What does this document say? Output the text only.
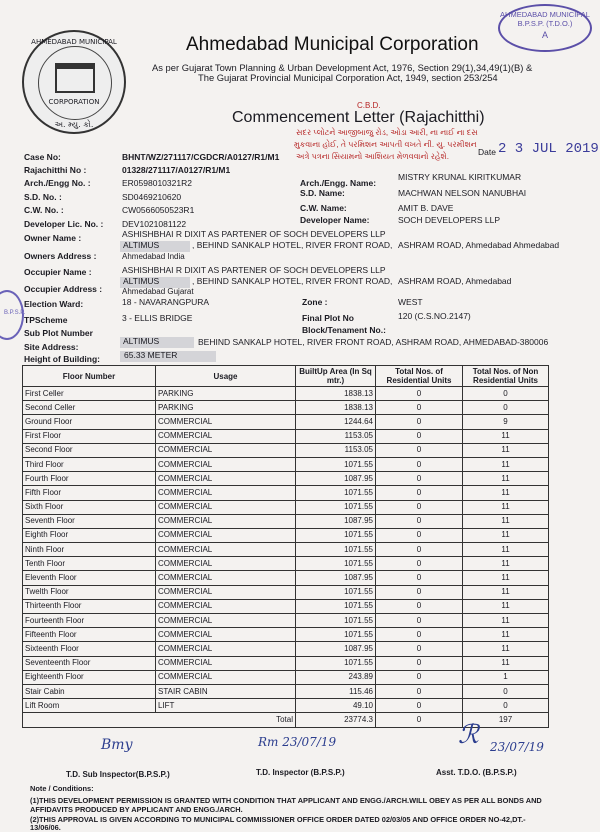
AHMEDABAD MUNICIPAL
CORPORATION
અ. મ્યુ. કો.
AHMEDABAD MUNICIPAL
B.P.S.P. (T.D.O.)
A
B.P.S.P.
Ahmedabad Municipal Corporation
As per Gujarat Town Planning & Urban Development Act, 1976, Section 29(1),34,49(1)(B) &
The Gujarat Provincial Municipal Corporation Act, 1949, section 253/254
C.B.D.
Commencement Letter (Rajachitthi)
સદર પ્લોટને આજીબાજુ રોડ, ઓડા આરી, ના નાઈ ના દસ
મુકવાના હોઈ, તે પરમિશન આપતી વખતે ની. યુ. પરમીશન
અત્રે પત્રના સિયામનો આશિયત મેળવવાનો રહેશે.	Date 2 3 JUL 2019
Case No:	BHNT/WZ/271117/CGDCR/A0127/R1/M1
Rajachitthi No :	01328/271117/A0127/R1/M1
Arch./Engg No. :	ER0598010321R2	Arch./Engg. Name:
MISTRY KRUNAL KIRITKUMAR
S.D. No. :	SD0469210620	S.D. Name:	MACHWAN NELSON NANUBHAI
C.W. No. :	CW0566050523R1	C.W. Name:	AMIT B. DAVE
Developer Lic. No. : DEV1021081122	Developer Name:	SOCH DEVELOPERS LLP
Owner Name :	ASHISHBHAI R DIXIT AS PARTENER OF SOCH DEVELOPERS LLP
Owners Address :
ALTIMUS	, BEHIND SANKALP HOTEL, RIVER FRONT ROAD, ASHRAM ROAD, Ahmedabad Ahmedabad
Ahmedabad India
Occupier Name :	ASHISHBHAI R DIXIT AS PARTENER OF SOCH DEVELOPERS LLP
Occupier Address :
ALTIMUS	, BEHIND SANKALP HOTEL, RIVER FRONT ROAD, ASHRAM ROAD, Ahmedabad
Ahmedabad Gujarat
Election Ward:	18 - NAVARANGPURA	Zone :	WEST
TPScheme	3 - ELLIS BRIDGE	Final Plot No	120 (C.S.NO.2147)
Sub Plot Number	Block/Tenament No.:
Site Address:
ALTIMUS	BEHIND SANKALP HOTEL, RIVER FRONT ROAD, ASHRAM ROAD, AHMEDABAD-380006
Height of Building:	65.33 METER
Floor Number	Usage	BuiltUp Area (In Sq mtr.)	Total Nos. of Residential Units	Total Nos. of Non Residential Units
First Celler	PARKING	1838.13	0	0
Second Celler	PARKING	1838.13	0	0
Ground Floor	COMMERCIAL	1244.64	0	9
First Floor	COMMERCIAL	1153.05	0	11
Second Floor	COMMERCIAL	1153.05	0	11
Third Floor	COMMERCIAL	1071.55	0	11
Fourth Floor	COMMERCIAL	1087.95	0	11
Fifth Floor	COMMERCIAL	1071.55	0	11
Sixth Floor	COMMERCIAL	1071.55	0	11
Seventh Floor	COMMERCIAL	1087.95	0	11
Eighth Floor	COMMERCIAL	1071.55	0	11
Ninth Floor	COMMERCIAL	1071.55	0	11
Tenth Floor	COMMERCIAL	1071.55	0	11
Eleventh Floor	COMMERCIAL	1087.95	0	11
Twelth Floor	COMMERCIAL	1071.55	0	11
Thirteenth Floor	COMMERCIAL	1071.55	0	11
Fourteenth Floor	COMMERCIAL	1071.55	0	11
Fifteenth Floor	COMMERCIAL	1071.55	0	11
Sixteenth Floor	COMMERCIAL	1087.95	0	11
Seventeenth Floor	COMMERCIAL	1071.55	0	11
Eighteenth Floor	COMMERCIAL	243.89	0	1
Stair Cabin	STAIR CABIN	115.46	0	0
Lift Room	LIFT	49.10	0	0
	Total	23774.3	0	197
Bmy	Rm 23/07/19	ℛ 23/07/19
T.D. Sub Inspector(B.P.S.P.)	T.D. Inspector (B.P.S.P.)	Asst. T.D.O. (B.P.S.P.)
Note / Conditions:
(1)THIS DEVELOPMENT PERMISSION IS GRANTED WITH CONDITION THAT APPLICANT AND ENGG./ARCH.WILL OBEY AS PER ALL BONDS AND
AFFIDAVITS PRODUCED BY APPLICANT AND ENGG./ARCH.
(2)THIS APPROVAL IS GIVEN ACCORDING TO MUNICIPAL COMMISSIONER OFFICE ORDER DATED 02/03/05 AND OFFICE ORDER NO-42,DT.-
13/06/06.
